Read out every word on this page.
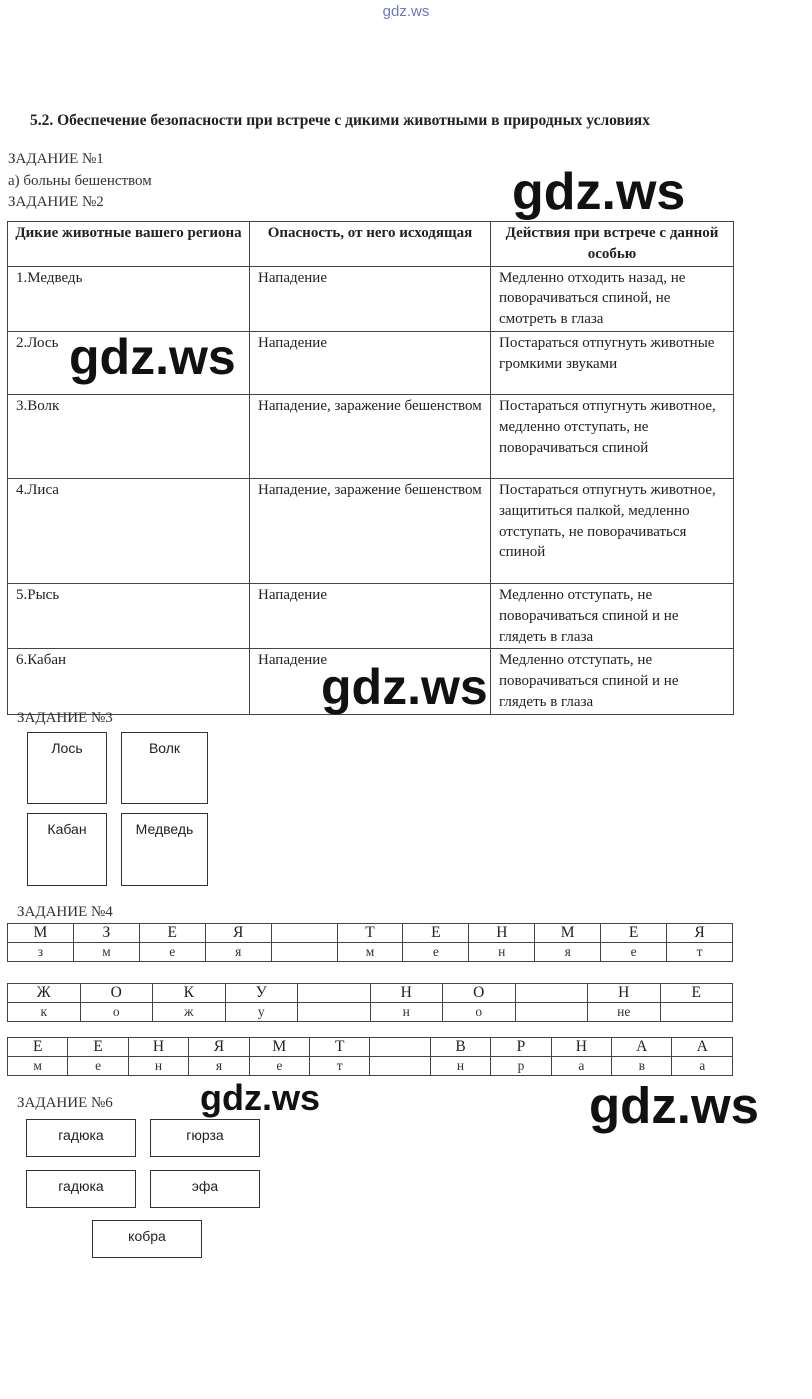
gdz.ws
5.2. Обеспечение безопасности при встрече с дикими животными в природных условиях
ЗАДАНИЕ №1
а) больны бешенством
ЗАДАНИЕ №2
Дикие животные вашего региона	Опасность, от него исходящая	Действия при встрече с данной особью
1.Медведь	Нападение	Медленно отходить назад, не поворачиваться спиной, не смотреть в глаза
2.Лось	Нападение	Постараться отпугнуть животные громкими звуками
3.Волк	Нападение, заражение бешенством	Постараться отпугнуть животное, медленно отступать, не поворачиваться спиной
4.Лиса	Нападение, заражение бешенством	Постараться отпугнуть животное, защититься палкой, медленно отступать, не поворачиваться спиной
5.Рысь	Нападение	Медленно отступать, не поворачиваться спиной и не глядеть в глаза
6.Кабан	Нападение	Медленно отступать, не поворачиваться спиной и не глядеть в глаза
ЗАДАНИЕ №3
Лось	Волк
Кабан	Медведь
ЗАДАНИЕ №4
М	З	Е	Я		Т	Е	Н	М	Е	Я
з	м	е	я		м	е	н	я	е	т
Ж	О	К	У		Н	О		Н	Е
к	о	ж	у		н	о		не	
Е	Е	Н	Я	М	Т		В	Р	Н	А	А
м	е	н	я	е	т		н	р	а	в	а
ЗАДАНИЕ №6
гадюка	гюрза
гадюка	эфа
кобра
gdz.ws
gdz.ws
gdz.ws
gdz.ws	gdz.ws
